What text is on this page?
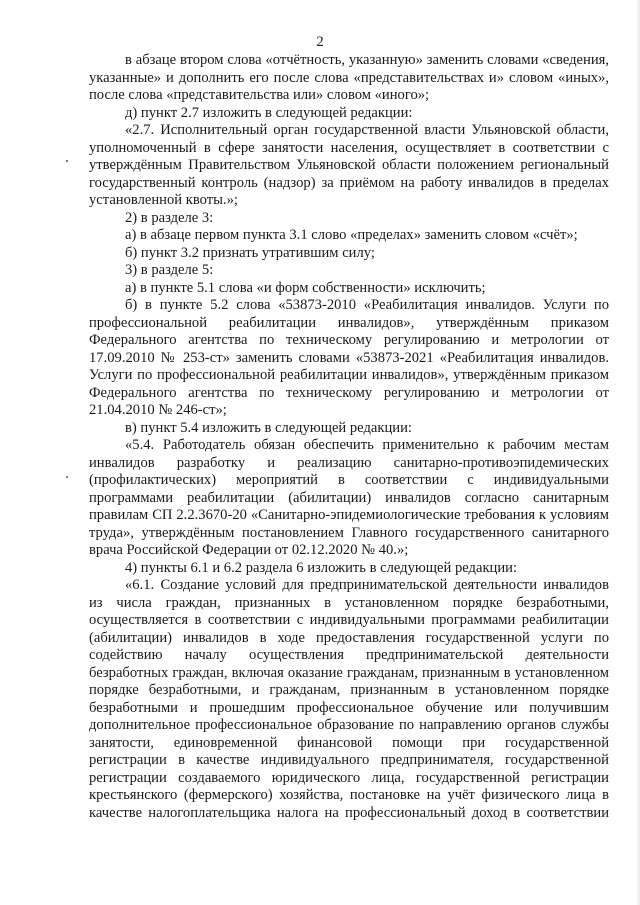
2

в абзаце втором слова «отчётность, указанную» заменить словами «сведения, указанные» и дополнить его после слова «представительствах и» словом «иных», после слова «представительства или» словом «иного»;

д) пункт 2.7 изложить в следующей редакции:

«2.7. Исполнительный орган государственной власти Ульяновской области, уполномоченный в сфере занятости населения, осуществляет в соответствии с утверждённым Правительством Ульяновской области положением региональный государственный контроль (надзор) за приёмом на работу инвалидов в пределах установленной квоты.»;

2) в разделе 3:

а) в абзаце первом пункта 3.1 слово «пределах» заменить словом «счёт»;

б) пункт 3.2 признать утратившим силу;

3) в разделе 5:

а) в пункте 5.1 слова «и форм собственности» исключить;

б) в пункте 5.2 слова «53873-2010 «Реабилитация инвалидов. Услуги по профессиональной реабилитации инвалидов», утверждённым приказом Федерального агентства по техническому регулированию и метрологии от 17.09.2010 № 253-ст» заменить словами «53873-2021 «Реабилитация инвалидов. Услуги по профессиональной реабилитации инвалидов», утверждённым приказом Федерального агентства по техническому регулированию и метрологии от 21.04.2010 № 246-ст»;

в) пункт 5.4 изложить в следующей редакции:

«5.4. Работодатель обязан обеспечить применительно к рабочим местам инвалидов разработку и реализацию санитарно-противоэпидемических (профилактических) мероприятий в соответствии с индивидуальными программами реабилитации (абилитации) инвалидов согласно санитарным правилам СП 2.2.3670-20 «Санитарно-эпидемиологические требования к условиям труда», утверждённым постановлением Главного государственного санитарного врача Российской Федерации от 02.12.2020 № 40.»;

4) пункты 6.1 и 6.2 раздела 6 изложить в следующей редакции:

«6.1. Создание условий для предпринимательской деятельности инвалидов из числа граждан, признанных в установленном порядке безработными, осуществляется в соответствии с индивидуальными программами реабилитации (абилитации) инвалидов в ходе предоставления государственной услуги по содействию началу осуществления предпринимательской деятельности безработных граждан, включая оказание гражданам, признанным в установленном порядке безработными, и гражданам, признанным в установленном порядке безработными и прошедшим профессиональное обучение или получившим дополнительное профессиональное образование по направлению органов службы занятости, единовременной финансовой помощи при государственной регистрации в качестве индивидуального предпринимателя, государственной регистрации создаваемого юридического лица, государственной регистрации крестьянского (фермерского) хозяйства, постановке на учёт физического лица в качестве налогоплательщика налога на профессиональный доход в соответствии
